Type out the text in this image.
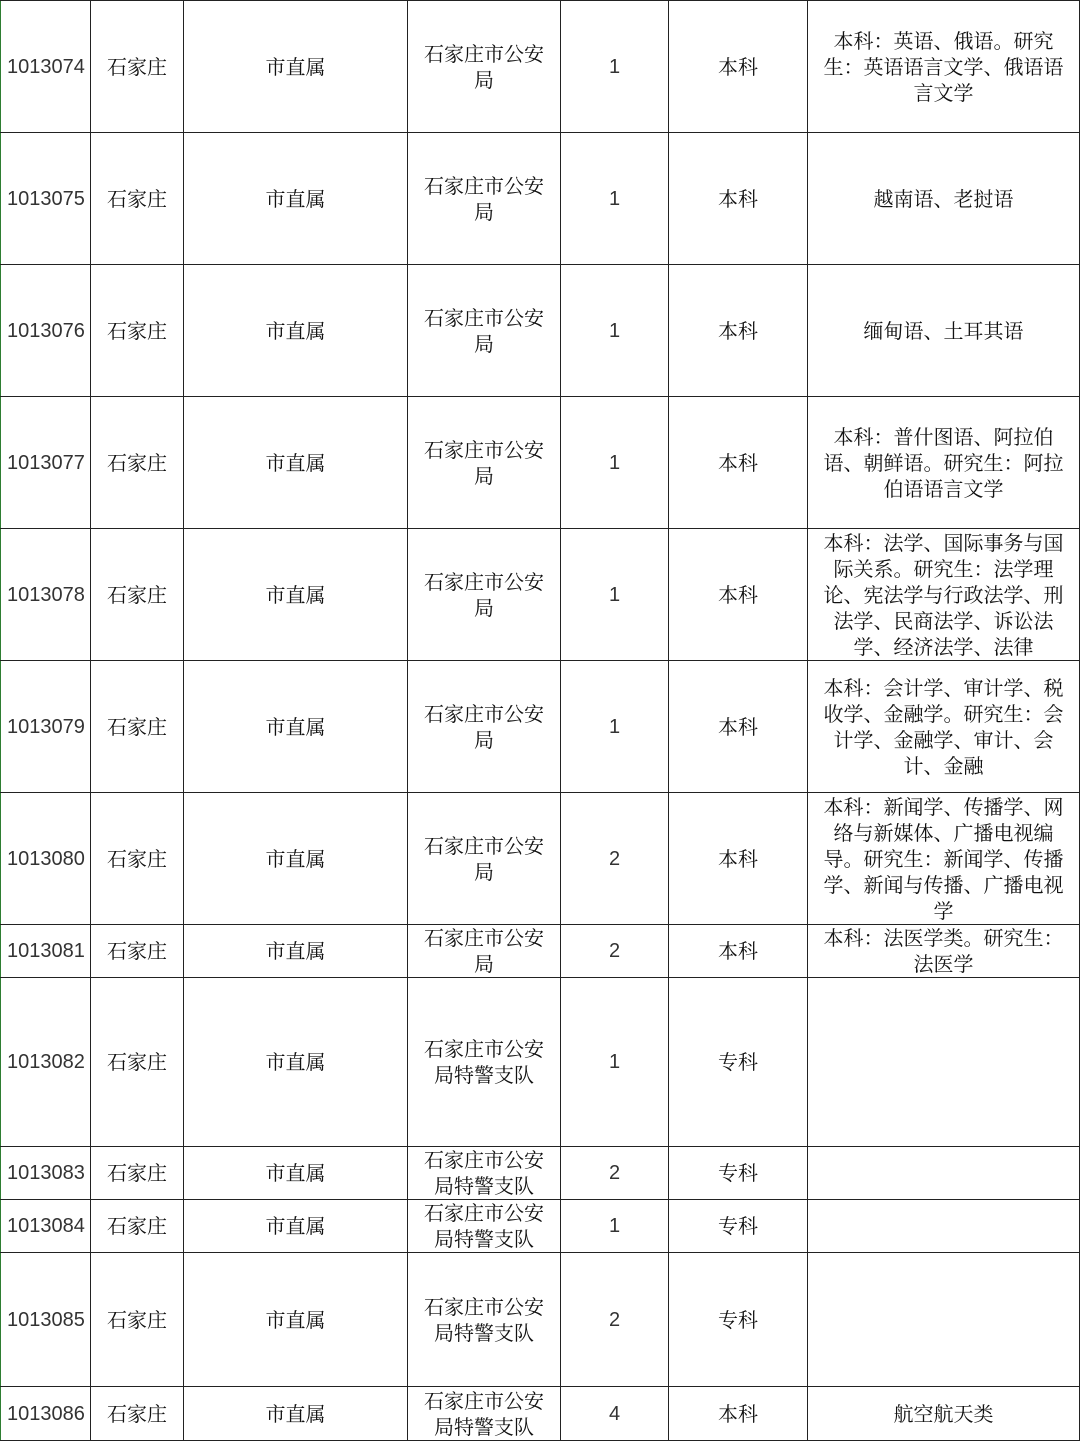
1013074	石家庄	市直属	石家庄市公安局	1	本科	本科：英语、俄语。研究生：英语语言文学、俄语语言文学
1013075	石家庄	市直属	石家庄市公安局	1	本科	越南语、老挝语
1013076	石家庄	市直属	石家庄市公安局	1	本科	缅甸语、土耳其语
1013077	石家庄	市直属	石家庄市公安局	1	本科	本科：普什图语、阿拉伯语、朝鲜语。研究生：阿拉伯语语言文学
1013078	石家庄	市直属	石家庄市公安局	1	本科	本科：法学、国际事务与国际关系。研究生：法学理论、宪法学与行政法学、刑法学、民商法学、诉讼法学、经济法学、法律
1013079	石家庄	市直属	石家庄市公安局	1	本科	本科：会计学、审计学、税收学、金融学。研究生：会计学、金融学、审计、会计、金融
1013080	石家庄	市直属	石家庄市公安局	2	本科	本科：新闻学、传播学、网络与新媒体、广播电视编导。研究生：新闻学、传播学、新闻与传播、广播电视学
1013081	石家庄	市直属	石家庄市公安局	2	本科	本科：法医学类。研究生：法医学
1013082	石家庄	市直属	石家庄市公安局特警支队	1	专科	
1013083	石家庄	市直属	石家庄市公安局特警支队	2	专科	
1013084	石家庄	市直属	石家庄市公安局特警支队	1	专科	
1013085	石家庄	市直属	石家庄市公安局特警支队	2	专科	
1013086	石家庄	市直属	石家庄市公安局特警支队	4	本科	航空航天类
